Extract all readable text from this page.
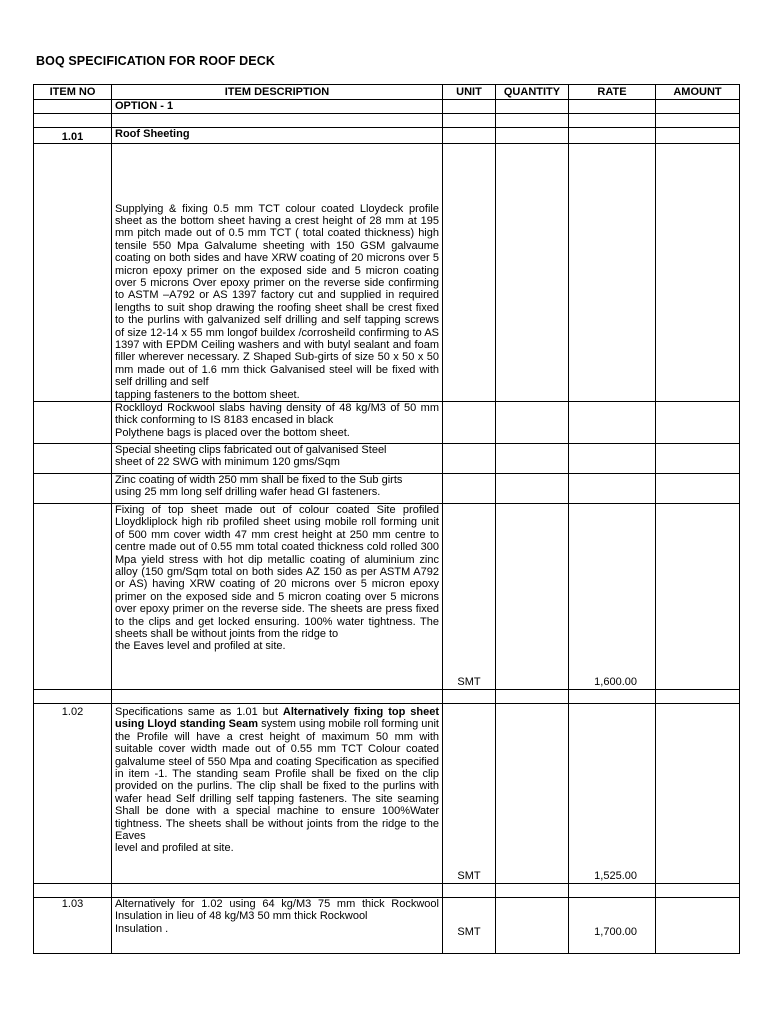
BOQ SPECIFICATION FOR ROOF DECK
ITEM NO	ITEM DESCRIPTION	UNIT	QUANTITY	RATE	AMOUNT
	OPTION - 1				

1.01	Roof Sheeting				

	Supplying & fixing 0.5 mm TCT colour coated Lloydeck profile sheet as the bottom sheet having a crest height of 28 mm at 195 mm pitch made out of 0.5 mm TCT ( total coated thickness) high tensile 550 Mpa Galvalume sheeting with 150 GSM galvaume coating on both sides and have XRW coating of 20 microns over 5 micron epoxy primer on the exposed side and 5 micron coating over 5 microns Over epoxy primer on the reverse side confirming to ASTM –A792 or AS 1397 factory cut and supplied in required lengths to suit shop drawing the roofing sheet shall be crest fixed to the purlins with galvanized self drilling and self tapping screws of size 12-14 x 55 mm longof buildex /corrosheild confirming to AS 1397 with EPDM Ceiling washers and with butyl sealant and foam filler wherever necessary. Z Shaped Sub-girts of size 50 x 50 x 50 mm made out of 1.6 mm thick Galvanised steel will be fixed with self drilling and self

tapping fasteners to the bottom sheet.				

	Rocklloyd Rockwool slabs having density of 48 kg/M3 of 50 mm thick conforming to IS 8183 encased in black

Polythene bags is placed over the bottom sheet.				

	Special sheeting clips fabricated out of galvanised Steel

sheet of 22 SWG with minimum 120 gms/Sqm				

	Zinc coating of width 250 mm shall be fixed to the Sub girts

using 25 mm long self drilling wafer head GI fasteners.				

	Fixing of top sheet made out of colour coated Site profiled Lloydkliplock high rib profiled sheet using mobile roll forming unit of 500 mm cover width 47 mm crest height at 250 mm centre to centre made out of 0.55 mm total coated thickness cold rolled 300 Mpa yield stress with hot dip metallic coating of aluminium zinc alloy (150 gm/Sqm total on both sides AZ 150 as per ASTM A792 or AS) having XRW coating of 20 microns over 5 micron epoxy primer on the exposed side and 5 micron coating over 5 microns over epoxy primer on the reverse side. The sheets are press fixed to the clips and get locked ensuring. 100% water tightness. The sheets shall be without joints from the ridge to

the Eaves level and profiled at site.	SMT		1,600.00	

1.02	Specifications same as 1.01 but Alternatively fixing top sheet using Lloyd standing Seam system using mobile roll forming unit the Profile will have a crest height of maximum 50 mm with suitable cover width made out of 0.55 mm TCT Colour coated galvalume steel of 550 Mpa and coating Specification as specified in item -1. The standing seam Profile shall be fixed on the clip provided on the purlins. The clip shall be fixed to the purlins with wafer head Self drilling self tapping fasteners. The site seaming Shall be done with a special machine to ensure 100%Water tightness. The sheets shall be without joints from the ridge to the Eaves

level and profiled at site.	SMT		1,525.00	

1.03	Alternatively for 1.02 using 64 kg/M3 75 mm thick Rockwool Insulation in lieu of 48 kg/M3 50 mm thick Rockwool

Insulation .	SMT		1,700.00	
